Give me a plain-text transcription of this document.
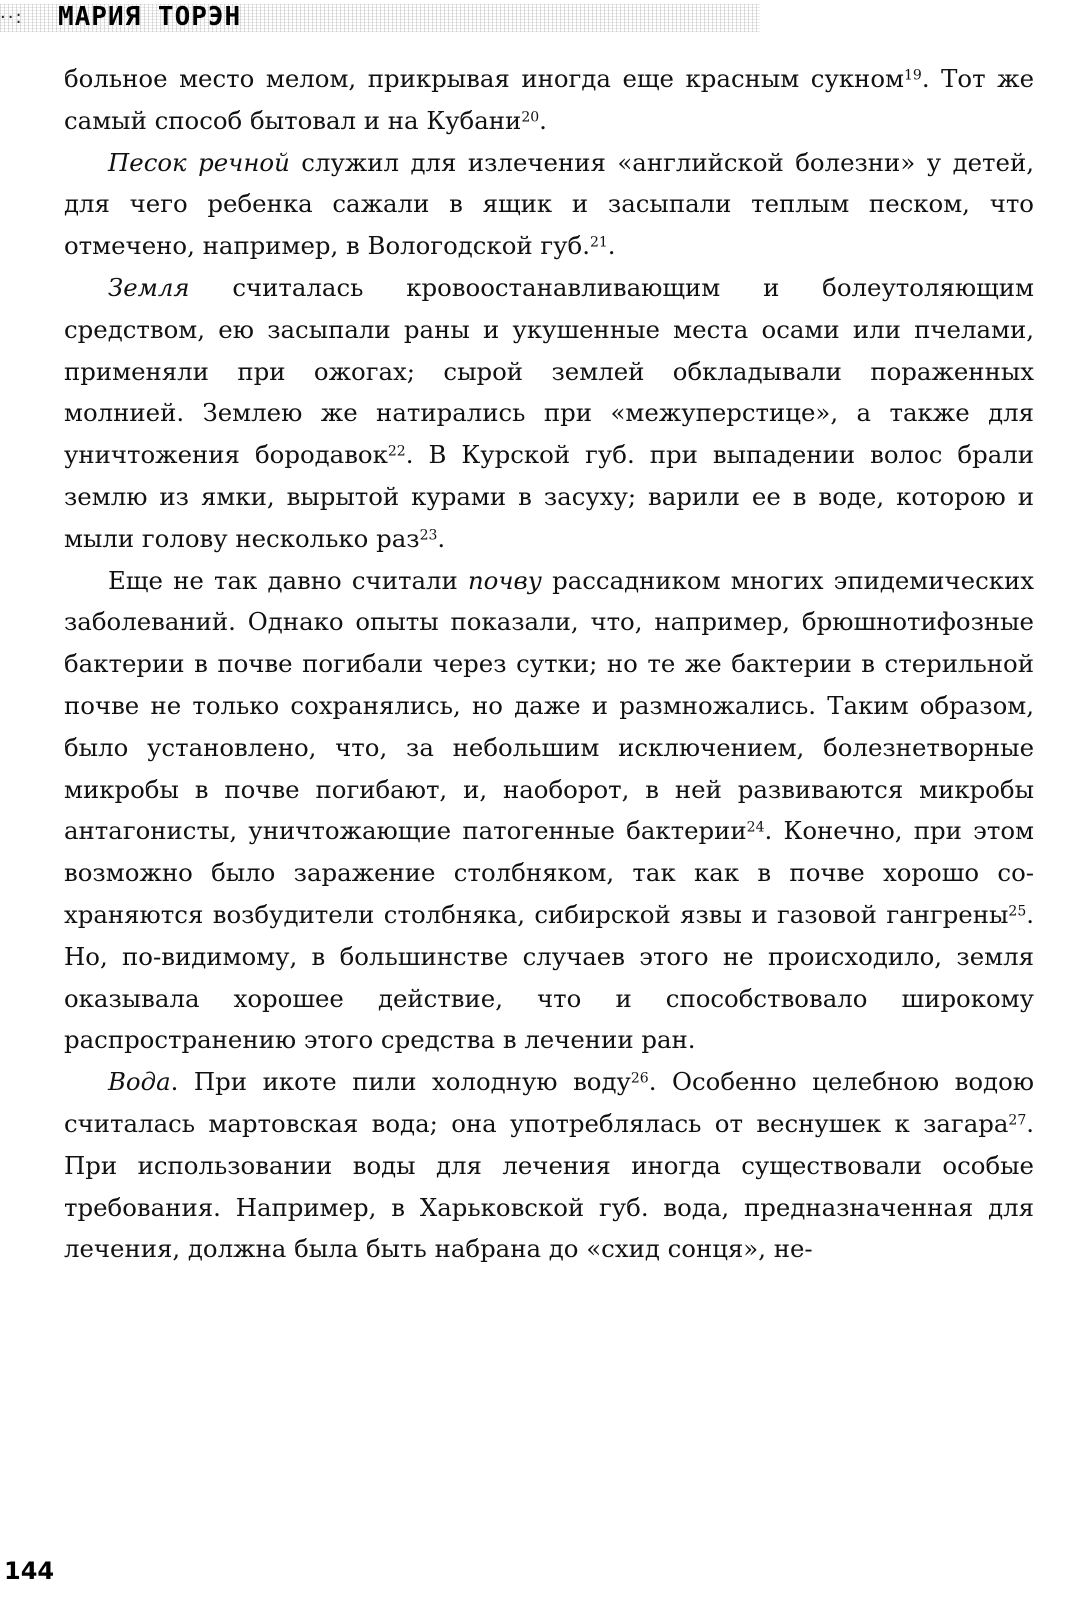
··:	МАРИЯ ТОРЭН

больное место мелом, прикрывая иногда еще красным сукном$^{19}$. Тот же самый способ бытовал и на Кубани$^{20}$.

Песок речной служил для излечения «английской болезни» у детей, для чего ребенка сажали в ящик и засыпали теплым песком, что отмечено, например, в Вологодской губ.$^{21}$.

Земля считалась кровоостанавливающим и болеутоляющим средством, ею засыпали раны и укушенные места осами или пчелами, применяли при ожогах; сырой землей обкладывали пораженных молнией. Землею же натирались при «межуперстице», а также для уничтожения бородавок$^{22}$. В Курской губ. при выпадении волос брали землю из ямки, вырытой курами в засуху; варили ее в воде, которою и мыли голову несколько раз$^{23}$.

Еще не так давно считали почву рассадником многих эпидемических заболеваний. Однако опыты показали, что, например, брюшнотифозные бактерии в почве погибали через сутки; но те же бактерии в стерильной почве не только сохранялись, но даже и размножались. Таким образом, было установлено, что, за небольшим исключением, болезнетворные микробы в почве погибают, и, наоборот, в ней развиваются микробы антагонисты, уничтожающие патогенные бактерии$^{24}$. Конечно, при этом возможно было заражение столбняком, так как в почве хорошо сохраняются возбудители столбняка, сибирской язвы и газовой гангрены$^{25}$. Но, по-видимому, в большинстве случаев этого не происходило, земля оказывала хорошее действие, что и способствовало широкому распространению этого средства в лечении ран.

Вода. При икоте пили холодную воду$^{26}$. Особенно целебною водою считалась мартовская вода; она употреблялась от веснушек к загара$^{27}$. При использовании воды для лечения иногда существовали особые требования. Например, в Харьковской губ. вода, предназначенная для лечения, должна была быть набрана до «схид сонця», не-

144
